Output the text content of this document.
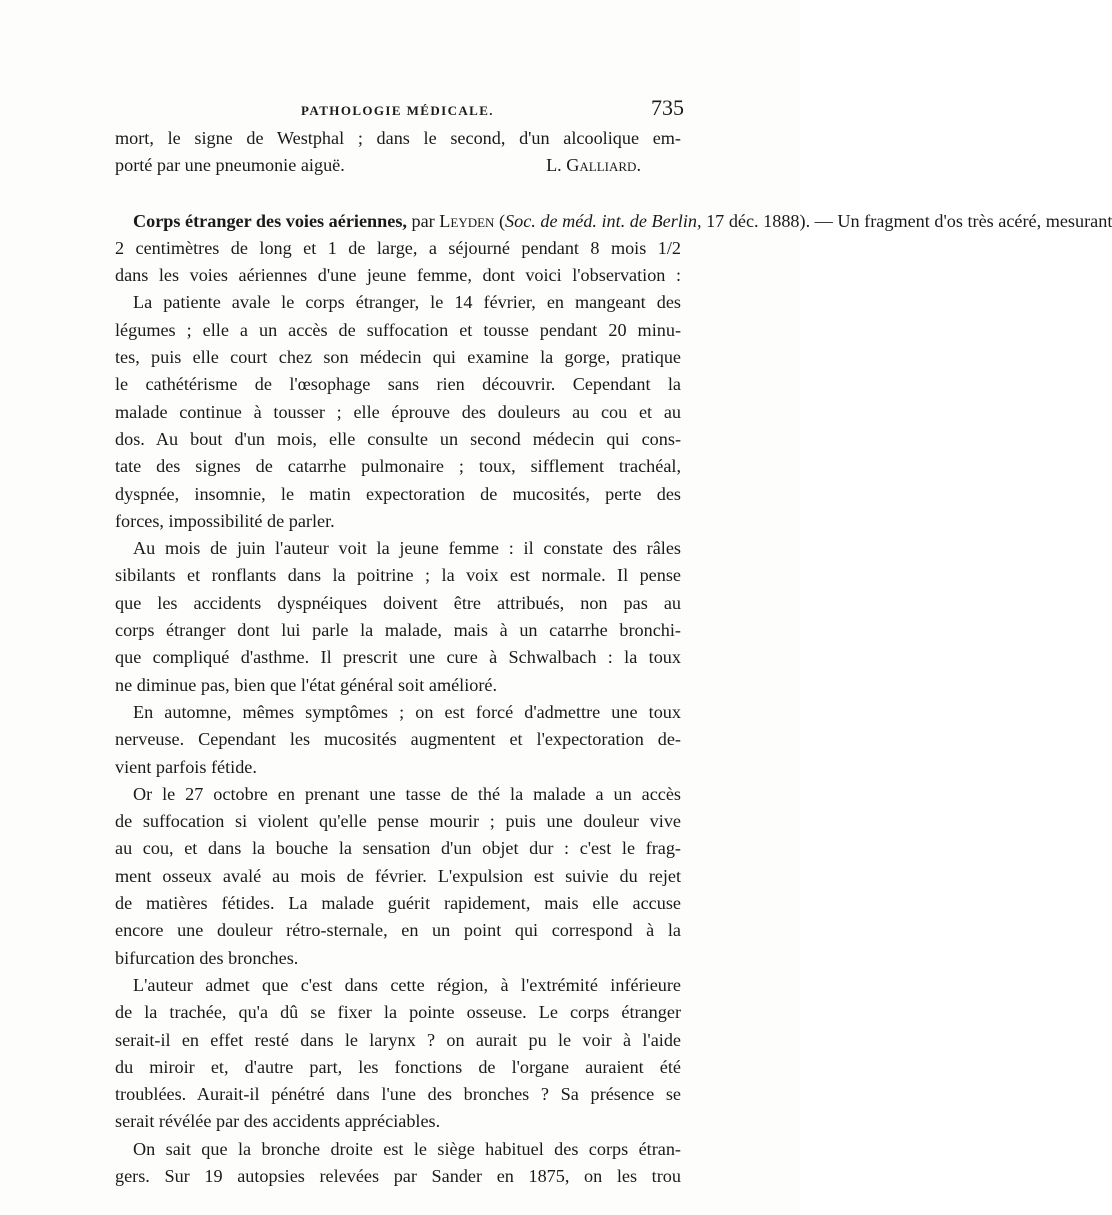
PATHOLOGIE MÉDICALE.	735
mort, le signe de Westphal ; dans le second, d'un alcoolique em-
porté par une pneumonie aiguë.	L. Galliard.
Corps étranger des voies aériennes, par Leyden (Soc. de méd. int. de Berlin, 17 déc. 1888). — Un fragment d'os très acéré, mesurant
2 centimètres de long et 1 de large, a séjourné pendant 8 mois 1/2
dans les voies aériennes d'une jeune femme, dont voici l'observation :
La patiente avale le corps étranger, le 14 février, en mangeant des
légumes ; elle a un accès de suffocation et tousse pendant 20 minu-
tes, puis elle court chez son médecin qui examine la gorge, pratique
le cathétérisme de l'œsophage sans rien découvrir. Cependant la
malade continue à tousser ; elle éprouve des douleurs au cou et au
dos. Au bout d'un mois, elle consulte un second médecin qui cons-
tate des signes de catarrhe pulmonaire ; toux, sifflement trachéal,
dyspnée, insomnie, le matin expectoration de mucosités, perte des
forces, impossibilité de parler.
Au mois de juin l'auteur voit la jeune femme : il constate des râles
sibilants et ronflants dans la poitrine ; la voix est normale. Il pense
que les accidents dyspnéiques doivent être attribués, non pas au
corps étranger dont lui parle la malade, mais à un catarrhe bronchi-
que compliqué d'asthme. Il prescrit une cure à Schwalbach : la toux
ne diminue pas, bien que l'état général soit amélioré.
En automne, mêmes symptômes ; on est forcé d'admettre une toux
nerveuse. Cependant les mucosités augmentent et l'expectoration de-
vient parfois fétide.
Or le 27 octobre en prenant une tasse de thé la malade a un accès
de suffocation si violent qu'elle pense mourir ; puis une douleur vive
au cou, et dans la bouche la sensation d'un objet dur : c'est le frag-
ment osseux avalé au mois de février. L'expulsion est suivie du rejet
de matières fétides. La malade guérit rapidement, mais elle accuse
encore une douleur rétro-sternale, en un point qui correspond à la
bifurcation des bronches.
L'auteur admet que c'est dans cette région, à l'extrémité inférieure
de la trachée, qu'a dû se fixer la pointe osseuse. Le corps étranger
serait-il en effet resté dans le larynx ? on aurait pu le voir à l'aide
du miroir et, d'autre part, les fonctions de l'organe auraient été
troublées. Aurait-il pénétré dans l'une des bronches ? Sa présence se
serait révélée par des accidents appréciables.
On sait que la bronche droite est le siège habituel des corps étran-
gers. Sur 19 autopsies relevées par Sander en 1875, on les trou
